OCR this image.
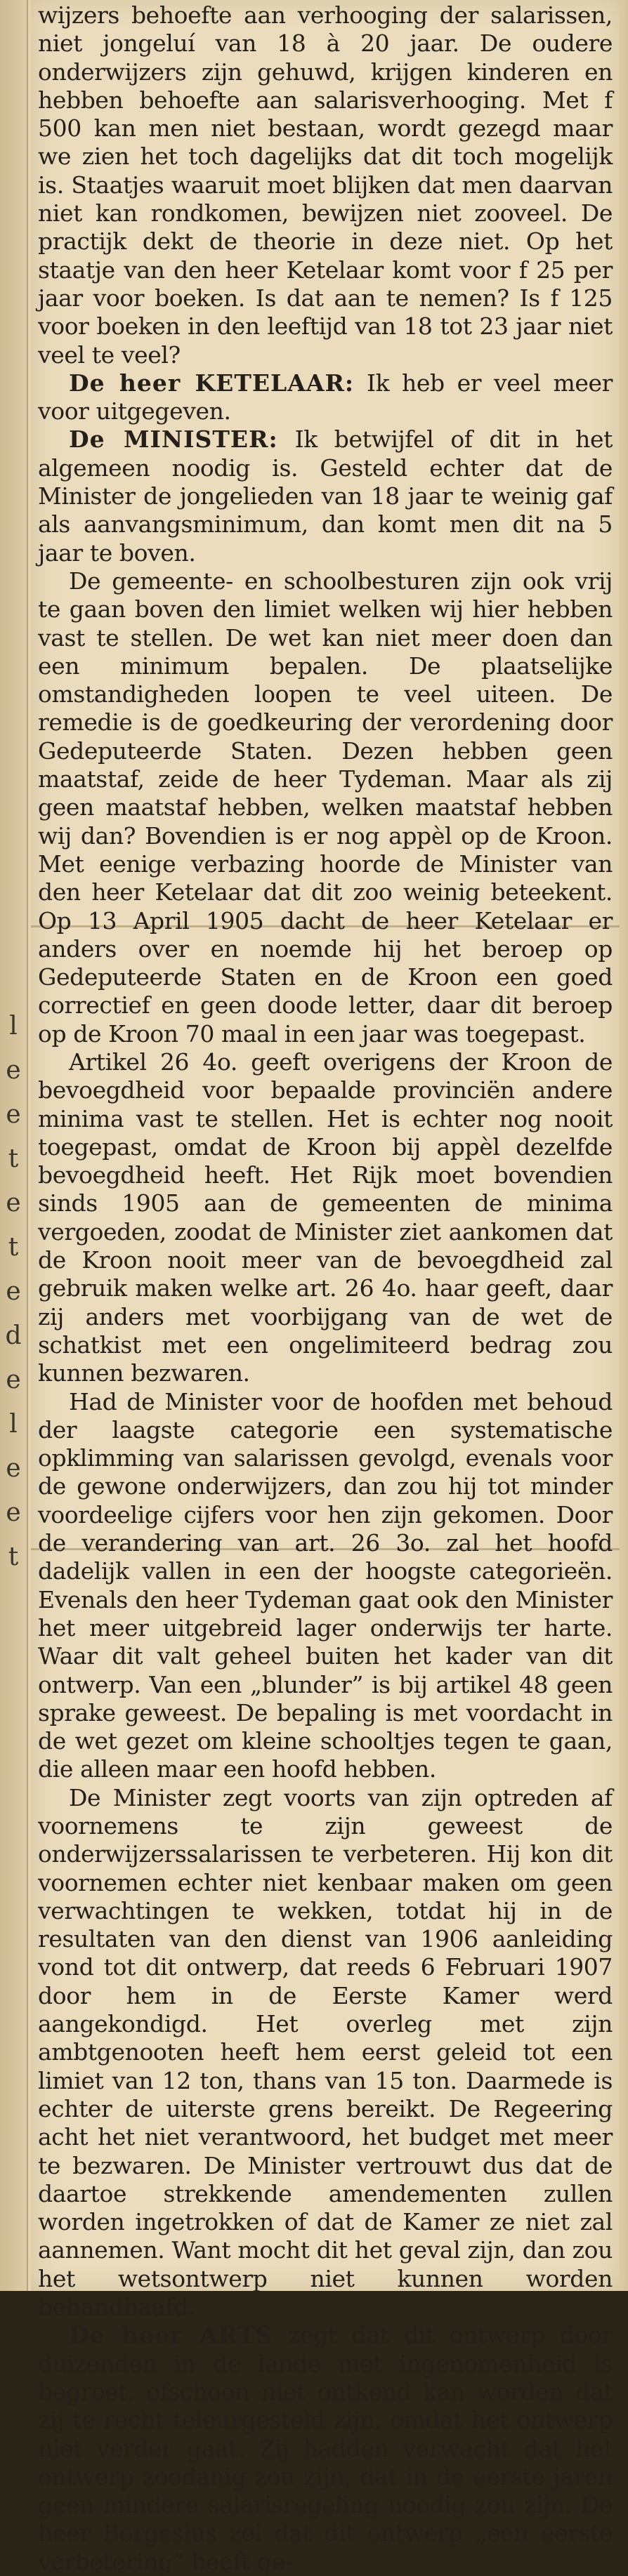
l
e
e
t
e
t
e
d
e
l
e
e
t

wijzers behoefte aan verhooging der salarissen, niet jongeluí van 18 à 20 jaar. De oudere onderwijzers zijn gehuwd, krijgen kinderen en hebben behoefte aan salarisverhooging. Met f 500 kan men niet bestaan, wordt gezegd maar we zien het toch dagelijks dat dit toch mogelijk is. Staatjes waaruit moet blijken dat men daarvan niet kan rondkomen, bewijzen niet zooveel. De practijk dekt de theorie in deze niet. Op het staatje van den heer Ketelaar komt voor f 25 per jaar voor boeken. Is dat aan te nemen? Is f 125 voor boeken in den leeftijd van 18 tot 23 jaar niet veel te veel?

De heer KETELAAR: Ik heb er veel meer voor uitgegeven.

De MINISTER: Ik betwijfel of dit in het algemeen noodig is. Gesteld echter dat de Minister de jongelieden van 18 jaar te weinig gaf als aanvangsminimum, dan komt men dit na 5 jaar te boven.

De gemeente- en schoolbesturen zijn ook vrij te gaan boven den limiet welken wij hier hebben vast te stellen. De wet kan niet meer doen dan een minimum bepalen. De plaatselijke omstandigheden loopen te veel uiteen. De remedie is de goedkeuring der verordening door Gedeputeerde Staten. Dezen hebben geen maatstaf, zeide de heer Tydeman. Maar als zij geen maatstaf hebben, welken maatstaf hebben wij dan? Bovendien is er nog appèl op de Kroon. Met eenige verbazing hoorde de Minister van den heer Ketelaar dat dit zoo weinig beteekent. Op 13 April 1905 dacht de heer Ketelaar er anders over en noemde hij het beroep op Gedeputeerde Staten en de Kroon een goed correctief en geen doode letter, daar dit beroep op de Kroon 70 maal in een jaar was toegepast.

Artikel 26 4o. geeft overigens der Kroon de bevoegdheid voor bepaalde provinciën andere minima vast te stellen. Het is echter nog nooit toegepast, omdat de Kroon bij appèl dezelfde bevoegdheid heeft. Het Rijk moet bovendien sinds 1905 aan de gemeenten de minima vergoeden, zoodat de Minister ziet aankomen dat de Kroon nooit meer van de bevoegdheid zal gebruik maken welke art. 26 4o. haar geeft, daar zij anders met voorbijgang van de wet de schatkist met een ongelimiteerd bedrag zou kunnen bezwaren.

Had de Minister voor de hoofden met behoud der laagste categorie een systematische opklimming van salarissen gevolgd, evenals voor de gewone onderwijzers, dan zou hij tot minder voordeelige cijfers voor hen zijn gekomen. Door de verandering van art. 26 3o. zal het hoofd dadelijk vallen in een der hoogste categorieën. Evenals den heer Tydeman gaat ook den Minister het meer uitgebreid lager onderwijs ter harte. Waar dit valt geheel buiten het kader van dit ontwerp. Van een „blunder” is bij artikel 48 geen sprake geweest. De bepaling is met voordacht in de wet gezet om kleine schooltjes tegen te gaan, die alleen maar een hoofd hebben.

De Minister zegt voorts van zijn optreden af voornemens te zijn geweest de onderwijzerssalarissen te verbeteren. Hij kon dit voornemen echter niet kenbaar maken om geen verwachtingen te wekken, totdat hij in de resultaten van den dienst van 1906 aanleiding vond tot dit ontwerp, dat reeds 6 Februari 1907 door hem in de Eerste Kamer werd aangekondigd. Het overleg met zijn ambtgenooten heeft hem eerst geleid tot een limiet van 12 ton, thans van 15 ton. Daarmede is echter de uiterste grens bereikt. De Regeering acht het niet verantwoord, het budget met meer te bezwaren. De Minister vertrouwt dus dat de daartoe strekkende amendementen zullen worden ingetrokken of dat de Kamer ze niet zal aannemen. Want mocht dit het geval zijn, dan zou het wetsontwerp niet kunnen worden behandhaafd.

De heer ARTS zegt dat dit ontwerp door duizenden in de lande met ingenomenheid is begroet, ofschoon niet ontkend kan worden dat zij te recht teleurgesteld zijn, omdat het ontwerp niet verder gaat. Zij hadden verwacht dat het ontwerp zoodanig zou zijn, dat in de eerste jaren geen mindere salarisregeling noodig zou zijn. De heer Borgesius zei dat dit ontwerp „een eerste verbetering” heeft ge-
